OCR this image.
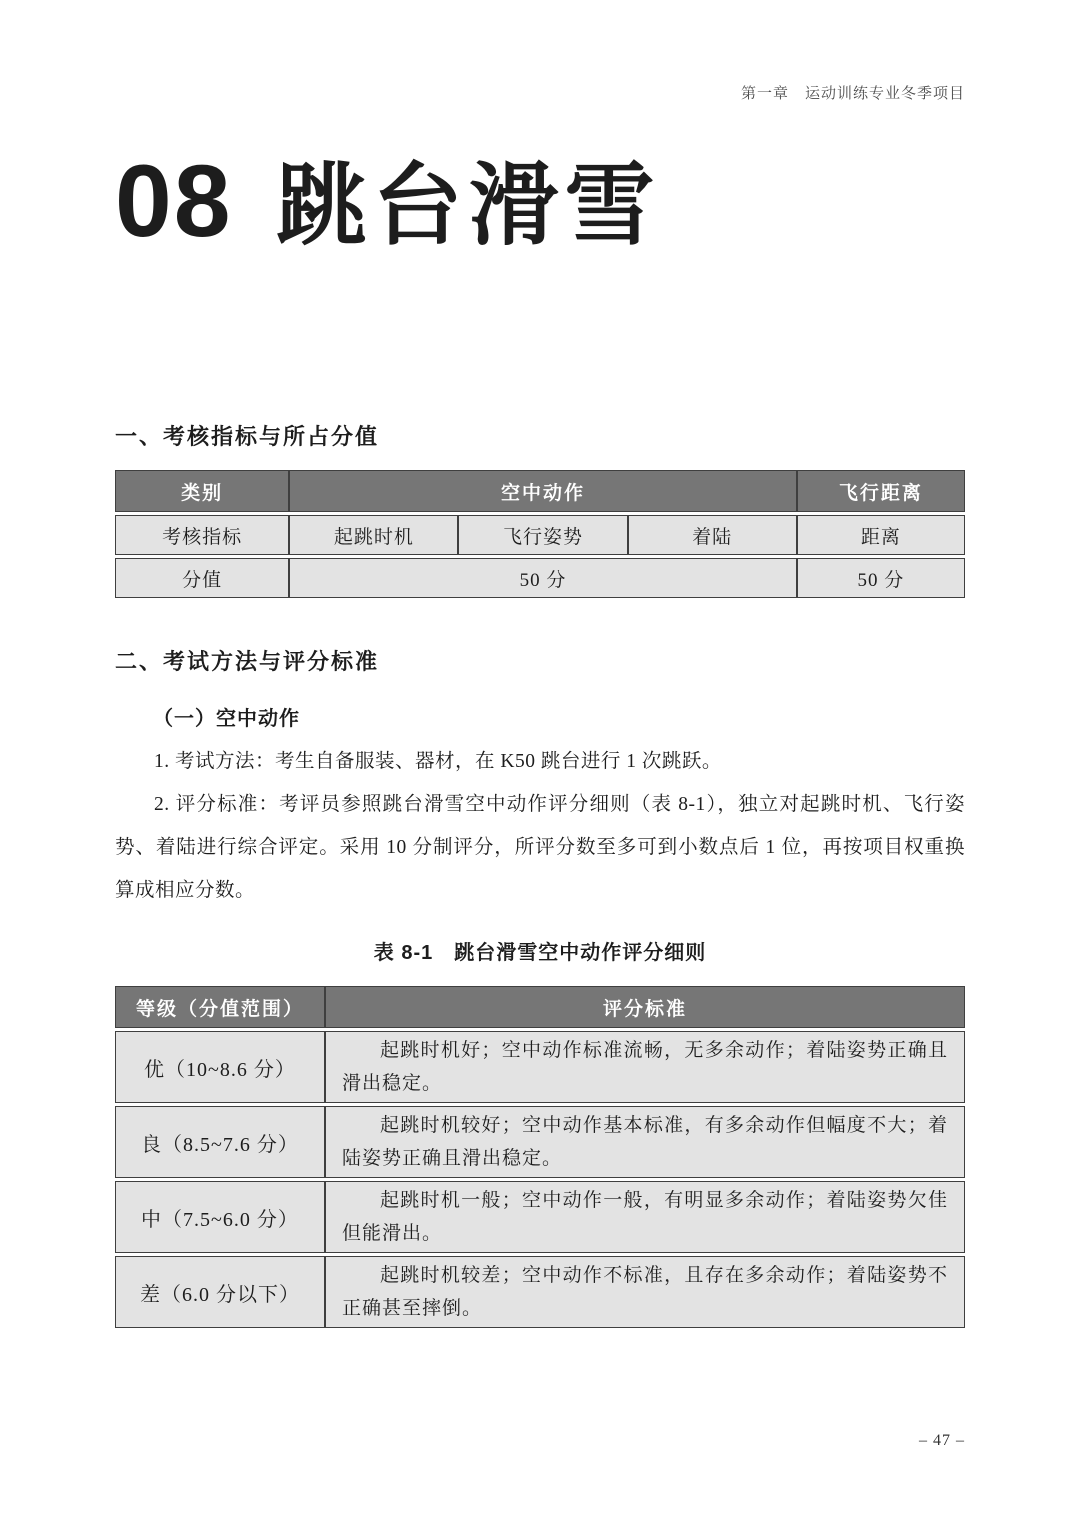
第一章　运动训练专业冬季项目
08 跳台滑雪
一、考核指标与所占分值
类别	空中动作			飞行距离
考核指标	起跳时机	飞行姿势	着陆	距离
分值	50 分			50 分
二、考试方法与评分标准
（一）空中动作

1. 考试方法：考生自备服装、器材，在 K50 跳台进行 1 次跳跃。

2. 评分标准：考评员参照跳台滑雪空中动作评分细则（表 8-1），独立对起跳时机、飞行姿势、着陆进行综合评定。采用 10 分制评分，所评分数至多可到小数点后 1 位，再按项目权重换算成相应分数。

表 8-1　跳台滑雪空中动作评分细则
等级（分值范围）	评分标准
优（10~8.6 分）	起跳时机好；空中动作标准流畅，无多余动作；着陆姿势正确且滑出稳定。
良（8.5~7.6 分）	起跳时机较好；空中动作基本标准，有多余动作但幅度不大；着陆姿势正确且滑出稳定。
中（7.5~6.0 分）	起跳时机一般；空中动作一般，有明显多余动作；着陆姿势欠佳但能滑出。
差（6.0 分以下）	起跳时机较差；空中动作不标准，且存在多余动作；着陆姿势不正确甚至摔倒。
– 47 –
